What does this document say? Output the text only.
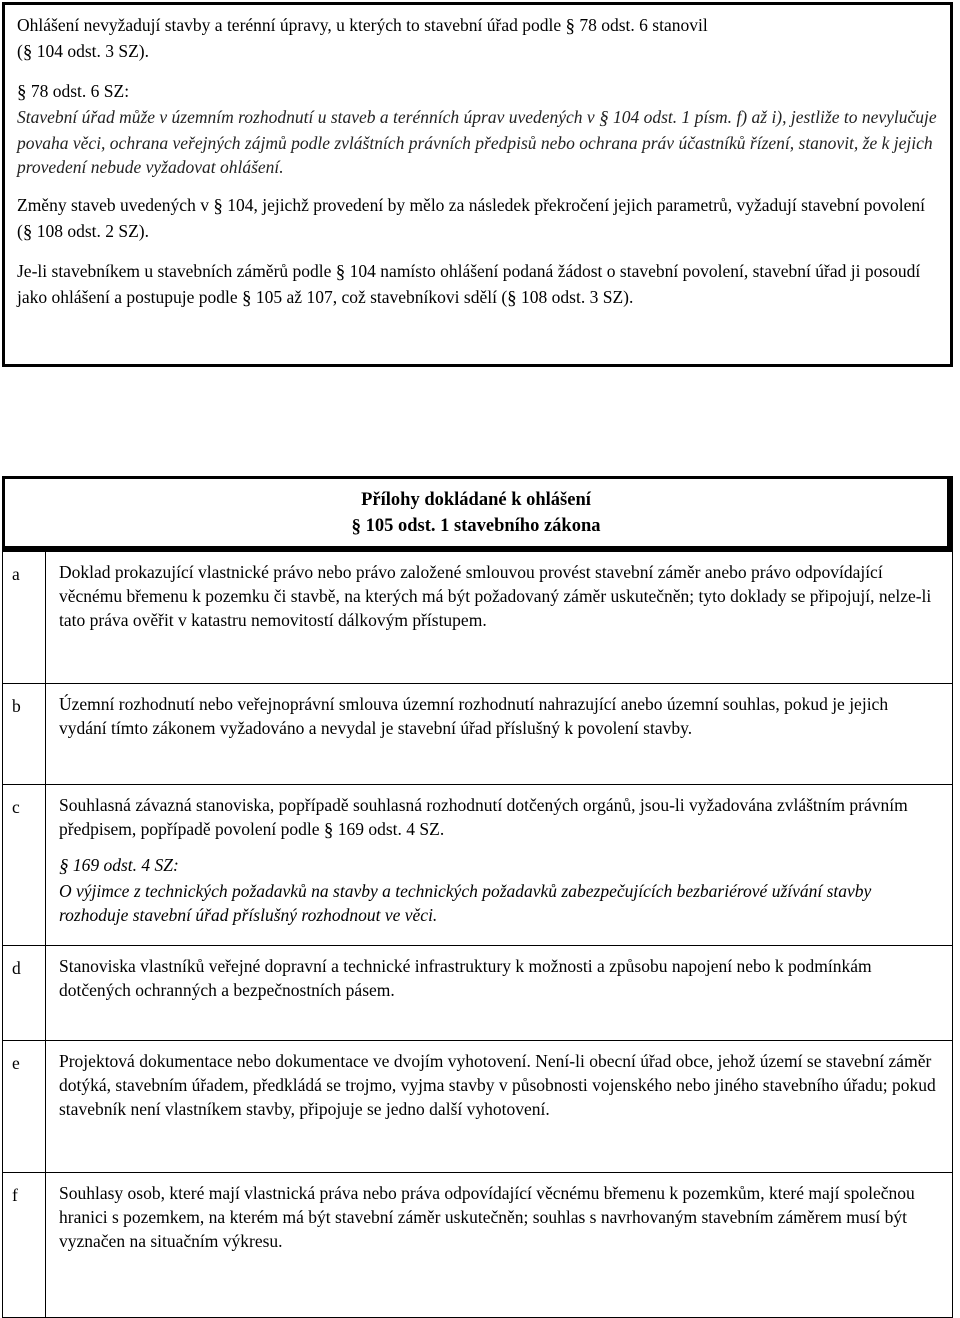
Ohlášení nevyžadují stavby a terénní úpravy, u kterých to stavební úřad podle § 78 odst. 6 stanovil
(§ 104 odst. 3 SZ).

§ 78 odst. 6 SZ:
Stavební úřad může v územním rozhodnutí u staveb a terénních úprav uvedených v § 104 odst. 1 písm. f) až i), jestliže to nevylučuje povaha věci, ochrana veřejných zájmů podle zvláštních právních předpisů nebo ochrana práv účastníků řízení, stanovit, že k jejich provedení nebude vyžadovat ohlášení.

Změny staveb uvedených v § 104, jejichž provedení by mělo za následek překročení jejich parametrů, vyžadují stavební povolení (§ 108 odst. 2 SZ).

Je-li stavebníkem u stavebních záměrů podle § 104 namísto ohlášení podaná žádost o stavební povolení, stavební úřad ji posoudí jako ohlášení a postupuje podle § 105 až 107, což stavebníkovi sdělí (§ 108 odst. 3 SZ).

Přílohy dokládané k ohlášení
§ 105 odst. 1 stavebního zákona
a	Doklad prokazující vlastnické právo nebo právo založené smlouvou provést stavební záměr anebo právo odpovídající věcnému břemenu k pozemku či stavbě, na kterých má být požadovaný záměr uskutečněn; tyto doklady se připojují, nelze-li tato práva ověřit v katastru nemovitostí dálkovým přístupem.
b	Územní rozhodnutí nebo veřejnoprávní smlouva územní rozhodnutí nahrazující anebo územní souhlas, pokud je jejich vydání tímto zákonem vyžadováno a nevydal je stavební úřad příslušný k povolení stavby.
c	Souhlasná závazná stanoviska, popřípadě souhlasná rozhodnutí dotčených orgánů, jsou-li vyžadována zvláštním právním předpisem, popřípadě povolení podle § 169 odst. 4 SZ.
§ 169 odst. 4 SZ:
O výjimce z technických požadavků na stavby a technických požadavků zabezpečujících bezbariérové užívání stavby rozhoduje stavební úřad příslušný rozhodnout ve věci.

d	Stanoviska vlastníků veřejné dopravní a technické infrastruktury k možnosti a způsobu napojení nebo k podmínkám dotčených ochranných a bezpečnostních pásem.
e	Projektová dokumentace nebo dokumentace ve dvojím vyhotovení. Není-li obecní úřad obce, jehož území se stavební záměr dotýká, stavebním úřadem, předkládá se trojmo, vyjma stavby v působnosti vojenského nebo jiného stavebního úřadu; pokud stavebník není vlastníkem stavby, připojuje se jedno další vyhotovení.
f	Souhlasy osob, které mají vlastnická práva nebo práva odpovídající věcnému břemenu k pozemkům, které mají společnou hranici s pozemkem, na kterém má být stavební záměr uskutečněn; souhlas s navrhovaným stavebním záměrem musí být vyznačen na situačním výkresu.
